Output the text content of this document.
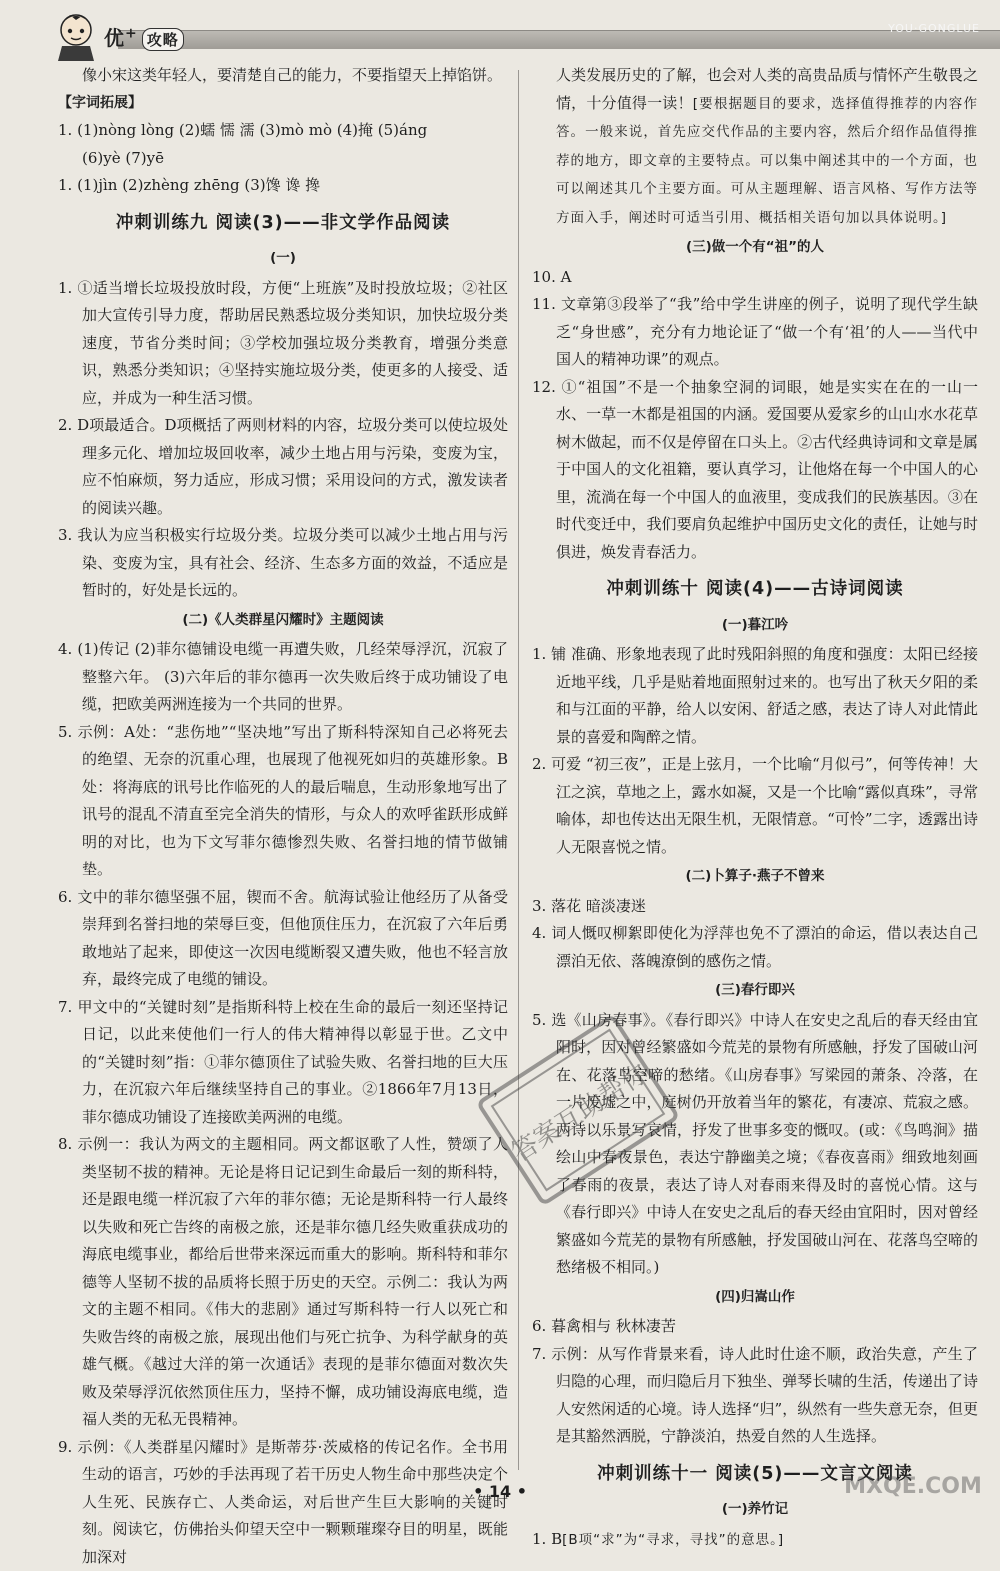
优+ 攻略
YOU·GONGLUE

像小宋这类年轻人，要清楚自己的能力，不要指望天上掉馅饼。

【字词拓展】

1. (1)nòng lòng (2)蠕 懦 濡 (3)mò mò (4)掩 (5)áng

(6)yè (7)yē

1. (1)jìn (2)zhèng zhēng (3)馋 谗 搀

冲刺训练九 阅读(3)——非文学作品阅读
(一)

1. ①适当增长垃圾投放时段，方便“上班族”及时投放垃圾；②社区加大宣传引导力度，帮助居民熟悉垃圾分类知识，加快垃圾分类速度，节省分类时间；③学校加强垃圾分类教育，增强分类意识，熟悉分类知识；④坚持实施垃圾分类，使更多的人接受、适应，并成为一种生活习惯。

2. D项最适合。D项概括了两则材料的内容，垃圾分类可以使垃圾处理多元化、增加垃圾回收率，减少土地占用与污染，变废为宝，应不怕麻烦，努力适应，形成习惯；采用设问的方式，激发读者的阅读兴趣。

3. 我认为应当积极实行垃圾分类。垃圾分类可以减少土地占用与污染、变废为宝，具有社会、经济、生态多方面的效益，不适应是暂时的，好处是长远的。

(二)《人类群星闪耀时》主题阅读

4. (1)传记 (2)菲尔德铺设电缆一再遭失败，几经荣辱浮沉，沉寂了整整六年。 (3)六年后的菲尔德再一次失败后终于成功铺设了电缆，把欧美两洲连接为一个共同的世界。

5. 示例：A处：“悲伤地”“坚决地”写出了斯科特深知自己必将死去的绝望、无奈的沉重心理，也展现了他视死如归的英雄形象。B处：将海底的讯号比作临死的人的最后喘息，生动形象地写出了讯号的混乱不清直至完全消失的情形，与众人的欢呼雀跃形成鲜明的对比，也为下文写菲尔德惨烈失败、名誉扫地的情节做铺垫。

6. 文中的菲尔德坚强不屈，锲而不舍。航海试验让他经历了从备受崇拜到名誉扫地的荣辱巨变，但他顶住压力，在沉寂了六年后勇敢地站了起来，即使这一次因电缆断裂又遭失败，他也不轻言放弃，最终完成了电缆的铺设。

7. 甲文中的“关键时刻”是指斯科特上校在生命的最后一刻还坚持记日记，以此来使他们一行人的伟大精神得以彰显于世。乙文中的“关键时刻”指：①菲尔德顶住了试验失败、名誉扫地的巨大压力，在沉寂六年后继续坚持自己的事业。②1866年7月13日，菲尔德成功铺设了连接欧美两洲的电缆。

8. 示例一：我认为两文的主题相同。两文都讴歌了人性，赞颂了人类坚韧不拔的精神。无论是将日记记到生命最后一刻的斯科特，还是跟电缆一样沉寂了六年的菲尔德；无论是斯科特一行人最终以失败和死亡告终的南极之旅，还是菲尔德几经失败重获成功的海底电缆事业，都给后世带来深远而重大的影响。斯科特和菲尔德等人坚韧不拔的品质将长照于历史的天空。示例二：我认为两文的主题不相同。《伟大的悲剧》通过写斯科特一行人以死亡和失败告终的南极之旅，展现出他们与死亡抗争、为科学献身的英雄气概。《越过大洋的第一次通话》表现的是菲尔德面对数次失败及荣辱浮沉依然顶住压力，坚持不懈，成功铺设海底电缆，造福人类的无私无畏精神。

9. 示例：《人类群星闪耀时》是斯蒂芬·茨威格的传记名作。全书用生动的语言，巧妙的手法再现了若干历史人物生命中那些决定个人生死、民族存亡、人类命运，对后世产生巨大影响的关键时刻。阅读它，仿佛抬头仰望天空中一颗颗璀璨夺目的明星，既能加深对

人类发展历史的了解，也会对人类的高贵品质与情怀产生敬畏之情，十分值得一读！[要根据题目的要求，选择值得推荐的内容作答。一般来说，首先应交代作品的主要内容，然后介绍作品值得推荐的地方，即文章的主要特点。可以集中阐述其中的一个方面，也可以阐述其几个主要方面。可从主题理解、语言风格、写作方法等方面入手，阐述时可适当引用、概括相关语句加以具体说明。]

(三)做一个有“祖”的人

10. A

11. 文章第③段举了“我”给中学生讲座的例子，说明了现代学生缺乏“身世感”，充分有力地论证了“做一个有‘祖’的人——当代中国人的精神功课”的观点。

12. ①“祖国”不是一个抽象空洞的词眼，她是实实在在的一山一水、一草一木都是祖国的内涵。爱国要从爱家乡的山山水水花草树木做起，而不仅是停留在口头上。②古代经典诗词和文章是属于中国人的文化祖籍，要认真学习，让他烙在每一个中国人的心里，流淌在每一个中国人的血液里，变成我们的民族基因。③在时代变迁中，我们要肩负起维护中国历史文化的责任，让她与时俱进，焕发青春活力。

冲刺训练十 阅读(4)——古诗词阅读
(一)暮江吟

1. 铺 准确、形象地表现了此时残阳斜照的角度和强度：太阳已经接近地平线，几乎是贴着地面照射过来的。也写出了秋天夕阳的柔和与江面的平静，给人以安闲、舒适之感，表达了诗人对此情此景的喜爱和陶醉之情。

2. 可爱 “初三夜”，正是上弦月，一个比喻“月似弓”，何等传神！大江之滨，草地之上，露水如凝，又是一个比喻“露似真珠”，寻常喻体，却也传达出无限生机，无限情意。“可怜”二字，透露出诗人无限喜悦之情。

(二)卜算子·燕子不曾来

3. 落花 暗淡凄迷

4. 词人慨叹柳絮即使化为浮萍也免不了漂泊的命运，借以表达自己漂泊无依、落魄潦倒的感伤之情。

(三)春行即兴

5. 选《山房春事》。《春行即兴》中诗人在安史之乱后的春天经由宜阳时，因对曾经繁盛如今荒芜的景物有所感触，抒发了国破山河在、花落鸟空啼的愁绪。《山房春事》写梁园的萧条、冷落，在一片废墟之中，庭树仍开放着当年的繁花，有凄凉、荒寂之感。两诗以乐景写哀情，抒发了世事多变的慨叹。(或：《鸟鸣涧》描绘山中春夜景色，表达宁静幽美之境；《春夜喜雨》细致地刻画了春雨的夜景，表达了诗人对春雨来得及时的喜悦心情。这与《春行即兴》中诗人在安史之乱后的春天经由宜阳时，因对曾经繁盛如今荒芜的景物有所感触，抒发国破山河在、花落鸟空啼的愁绪极不相同。)

(四)归嵩山作

6. 暮禽相与 秋林凄苦

7. 示例：从写作背景来看，诗人此时仕途不顺，政治失意，产生了归隐的心理，而归隐后月下独坐、弹琴长啸的生活，传递出了诗人安然闲适的心境。诗人选择“归”，纵然有一些失意无奈，但更是其豁然洒脱，宁静淡泊，热爱自然的人生选择。

冲刺训练十一 阅读(5)——文言文阅读
(一)养竹记

1. B[B项“求”为“寻求，寻找”的意思。]

答案互助帮你
MXQE.COM
• 14 •
